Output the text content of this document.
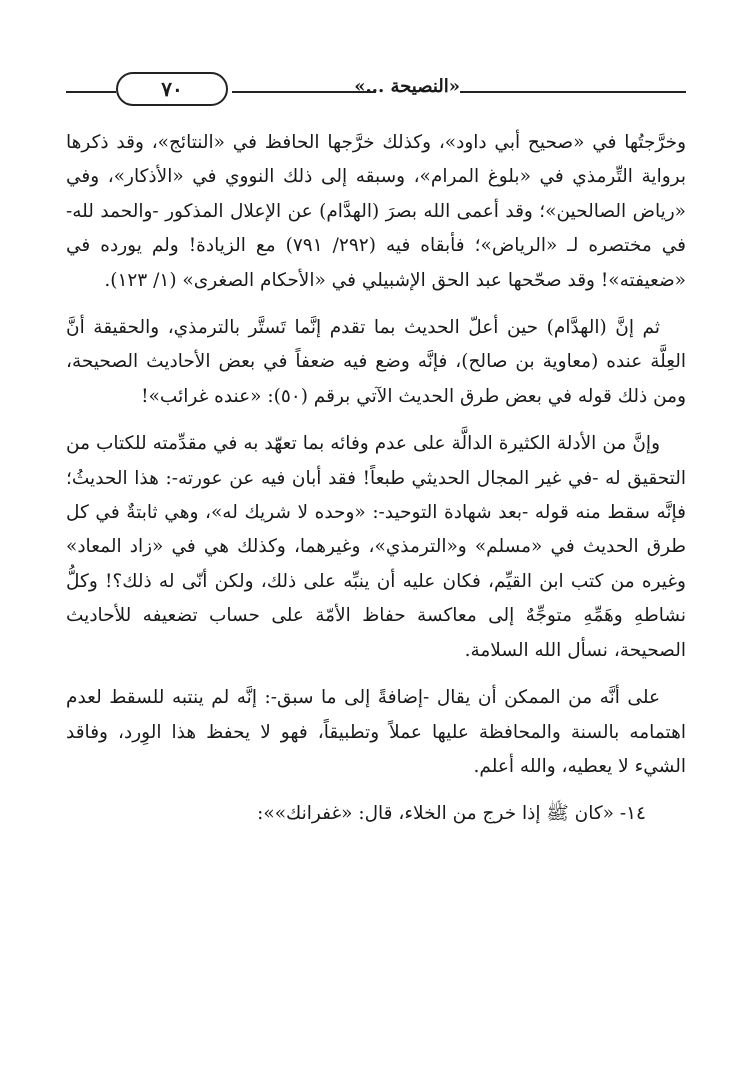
«النصيحة ...»
٧٠

وخرَّجتُها في «صحيح أبي داود»، وكذلك خرَّجها الحافظ في «النتائج»، وقد ذكرها برواية التِّرمذي في «بلوغ المرام»، وسبقه إلى ذلك النووي في «الأذكار»، وفي «رياض الصالحين»؛ وقد أعمى الله بصرَ (الهدَّام) عن الإعلال المذكور -والحمد لله- في مختصره لـ «الرياض»؛ فأبقاه فيه (٢٩٢/ ٧٩١) مع الزيادة! ولم يورده في «ضعيفته»! وقد صحّحها عبد الحق الإشبيلي في «الأحكام الصغرى» (١/ ١٢٣).

ثم إنَّ (الهدَّام) حين أعلّ الحديث بما تقدم إنَّما تَستَّر بالترمذي، والحقيقة أنَّ العِلَّة عنده (معاوية بن صالح)، فإنَّه وضع فيه ضعفاً في بعض الأحاديث الصحيحة، ومن ذلك قوله في بعض طرق الحديث الآتي برقم (٥٠): «عنده غرائب»!

وإنَّ من الأدلة الكثيرة الدالَّة على عدم وفائه بما تعهّد به في مقدِّمته للكتاب من التحقيق له -في غير المجال الحديثي طبعاً! فقد أبان فيه عن عورته-: هذا الحديثُ؛ فإنَّه سقط منه قوله -بعد شهادة التوحيد-: «وحده لا شريك له»، وهي ثابتةٌ في كل طرق الحديث في «مسلم» و«الترمذي»، وغيرهما، وكذلك هي في «زاد المعاد» وغيره من كتب ابن القيِّم، فكان عليه أن ينبِّه على ذلك، ولكن أنّى له ذلك؟! وكلُّ نشاطهِ وهَمِّهِ متوجِّهٌ إلى معاكسة حفاظ الأمّة على حساب تضعيفه للأحاديث الصحيحة، نسأل الله السلامة.

على أنَّه من الممكن أن يقال -إضافةً إلى ما سبق-: إنَّه لم ينتبه للسقط لعدم اهتمامه بالسنة والمحافظة عليها عملاً وتطبيقاً، فهو لا يحفظ هذا الوِرد، وفاقد الشيء لا يعطيه، والله أعلم.

١٤- «كان ﷺ إذا خرج من الخلاء، قال: «غفرانك»»:
